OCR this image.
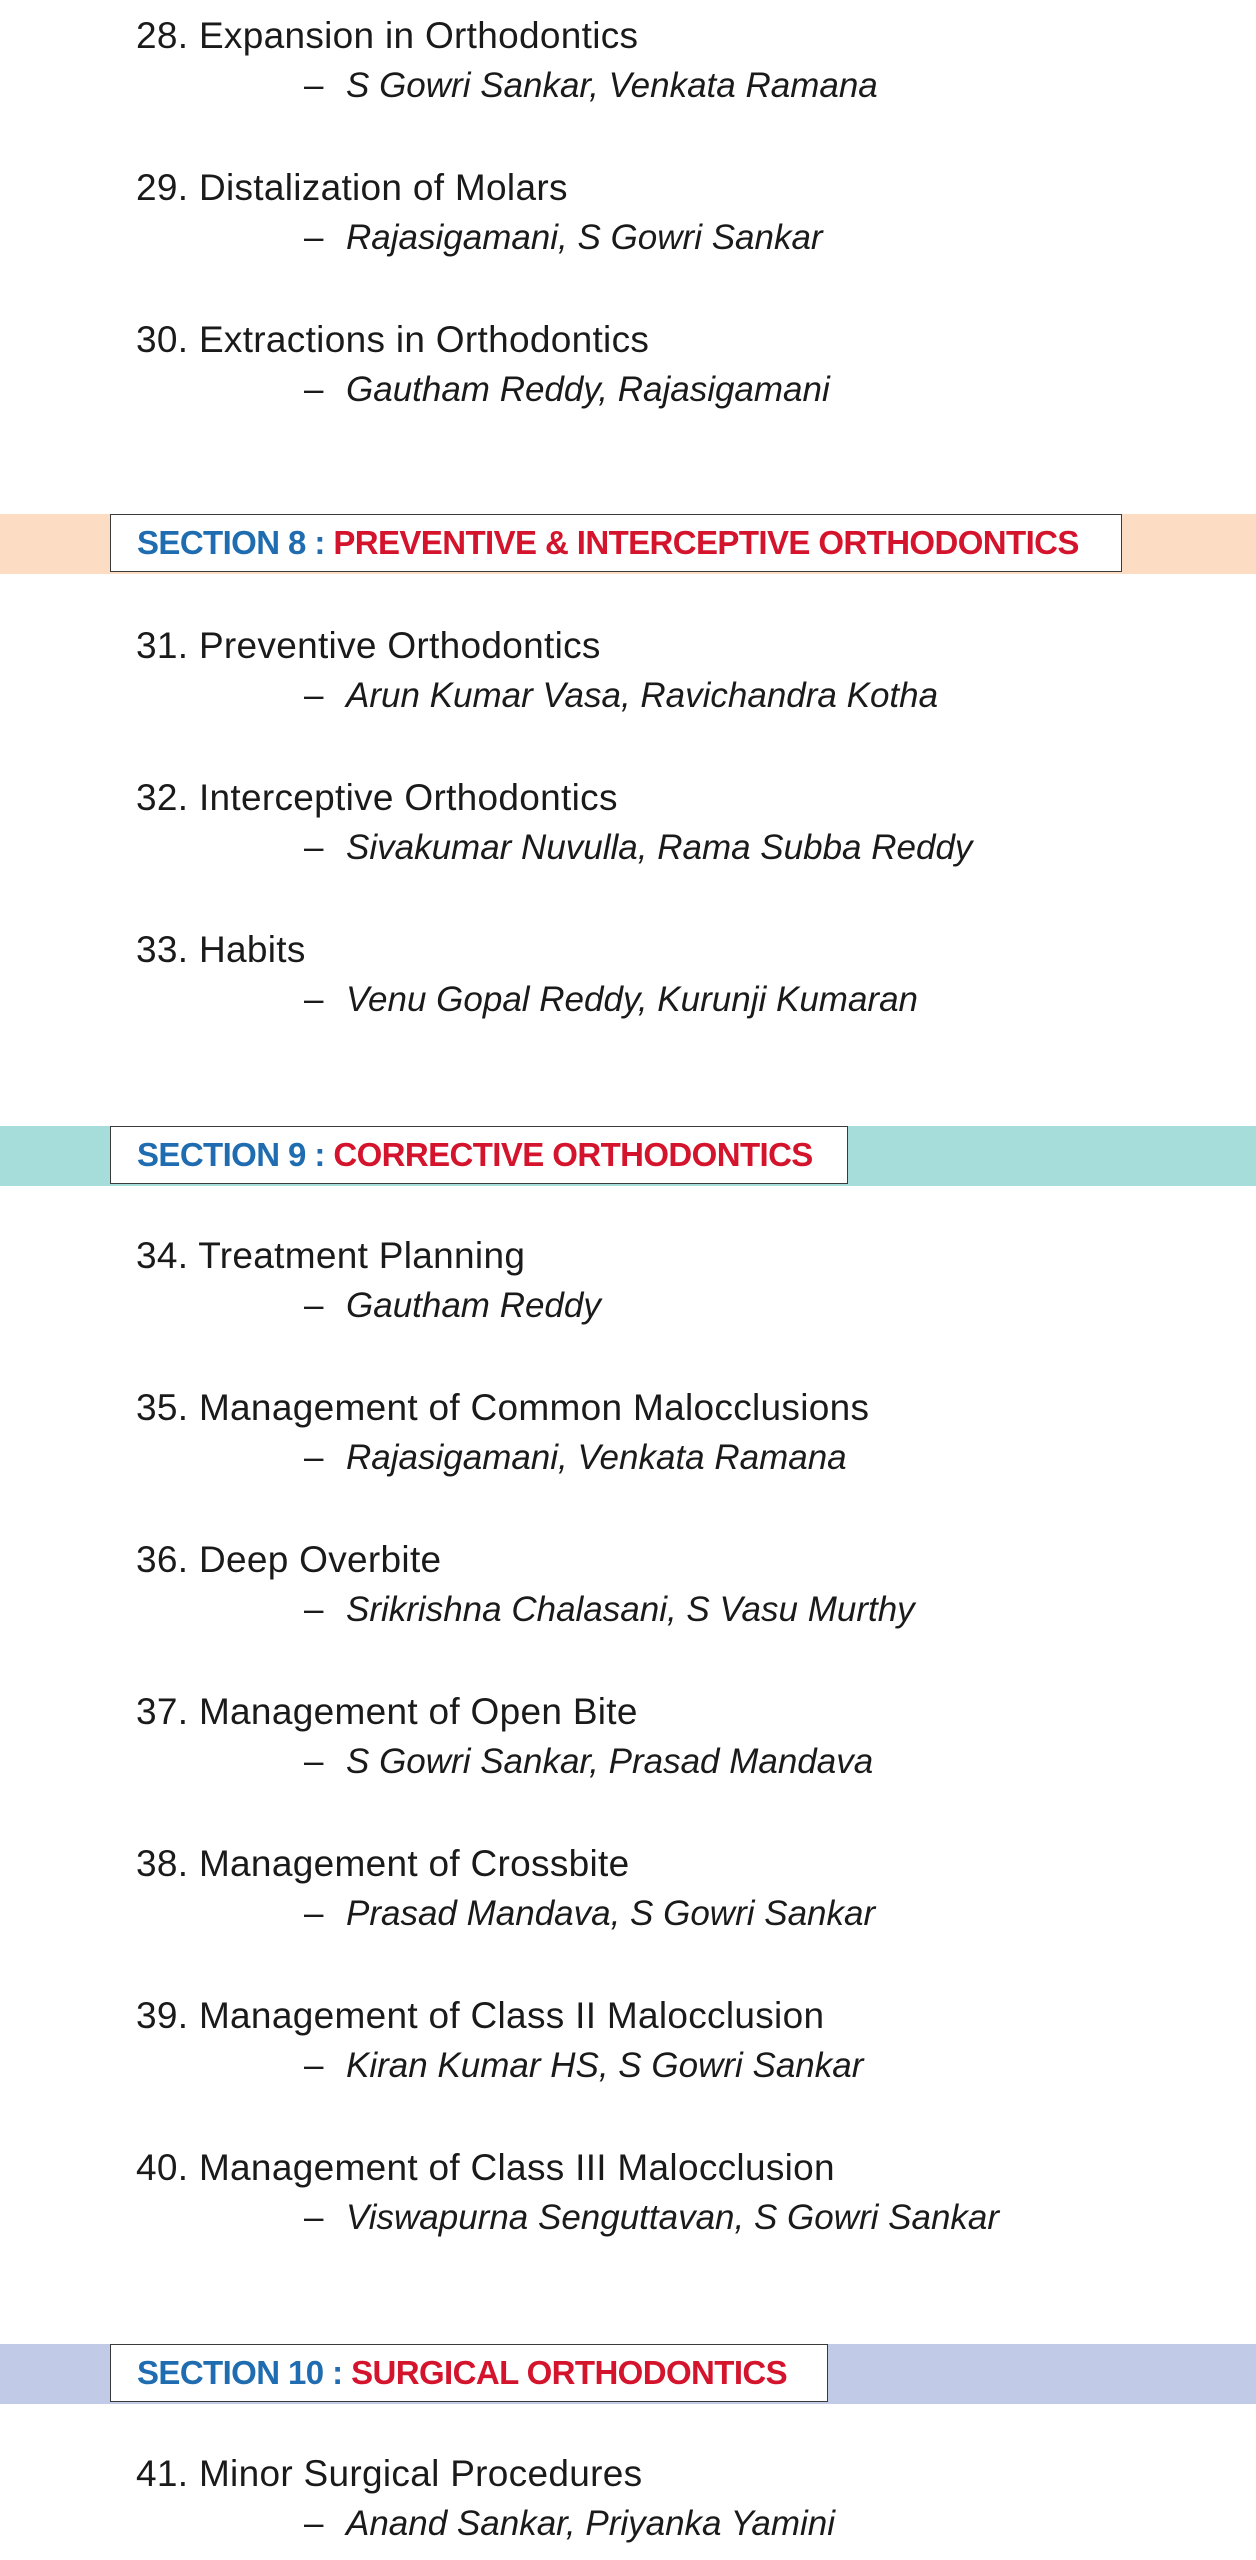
28. Expansion in Orthodontics
– S Gowri Sankar, Venkata Ramana
29. Distalization of Molars
– Rajasigamani, S Gowri Sankar
30. Extractions in Orthodontics
– Gautham Reddy, Rajasigamani
SECTION 8 : PREVENTIVE & INTERCEPTIVE ORTHODONTICS
31. Preventive Orthodontics
– Arun Kumar Vasa, Ravichandra Kotha
32. Interceptive Orthodontics
– Sivakumar Nuvulla, Rama Subba Reddy
33. Habits
– Venu Gopal Reddy, Kurunji Kumaran
SECTION 9 : CORRECTIVE ORTHODONTICS
34. Treatment Planning
– Gautham Reddy
35. Management of Common Malocclusions
– Rajasigamani, Venkata Ramana
36. Deep Overbite
– Srikrishna Chalasani, S Vasu Murthy
37. Management of Open Bite
– S Gowri Sankar, Prasad Mandava
38. Management of Crossbite
– Prasad Mandava, S Gowri Sankar
39. Management of Class II Malocclusion
– Kiran Kumar HS, S Gowri Sankar
40. Management of Class III Malocclusion
– Viswapurna Senguttavan, S Gowri Sankar
SECTION 10 : SURGICAL ORTHODONTICS
41. Minor Surgical Procedures
– Anand Sankar, Priyanka Yamini
